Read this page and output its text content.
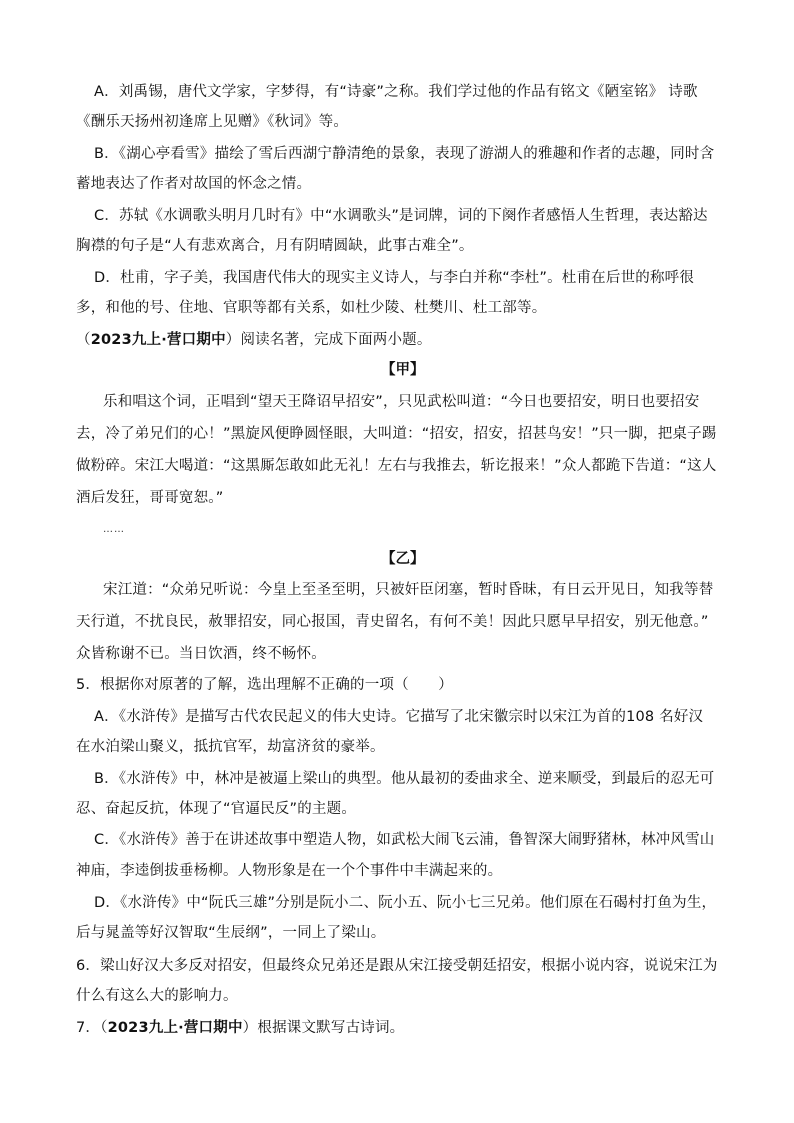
A．刘禹锡，唐代文学家，字梦得，有“诗豪”之称。我们学过他的作品有铭文《陋室铭》 诗歌
《酬乐天扬州初逢席上见赠》《秋词》等。
B．《湖心亭看雪》描绘了雪后西湖宁静清绝的景象，表现了游湖人的雅趣和作者的志趣，同时含
蓄地表达了作者对故国的怀念之情。
C．苏轼《水调歌头明月几时有》中“水调歌头”是词牌，词的下阕作者感悟人生哲理，表达豁达
胸襟的句子是“人有悲欢离合，月有阴晴圆缺，此事古难全”。
D．杜甫，字子美，我国唐代伟大的现实主义诗人，与李白并称“李杜”。杜甫在后世的称呼很
多，和他的号、住地、官职等都有关系，如杜少陵、杜樊川、杜工部等。
（2023九上·营口期中）阅读名著，完成下面两小题。
【甲】
乐和唱这个词，正唱到“望天王降诏早招安”，只见武松叫道：“今日也要招安，明日也要招安
去，冷了弟兄们的心！”黑旋风便睁圆怪眼，大叫道：“招安，招安，招甚鸟安！”只一脚，把桌子踢
做粉碎。宋江大喝道：“这黑厮怎敢如此无礼！左右与我推去，斩讫报来！”众人都跪下告道：“这人
酒后发狂，哥哥宽恕。”
……
【乙】
宋江道：“众弟兄听说：今皇上至圣至明，只被奸臣闭塞，暂时昏昧，有日云开见日，知我等替
天行道，不扰良民，赦罪招安，同心报国，青史留名，有何不美！因此只愿早早招安，别无他意。”
众皆称谢不已。当日饮酒，终不畅怀。
5．根据你对原著的了解，选出理解不正确的一项（　　）
A．《水浒传》是描写古代农民起义的伟大史诗。它描写了北宋徽宗时以宋江为首的108 名好汉
在水泊梁山聚义，抵抗官军，劫富济贫的豪举。
B．《水浒传》中，林冲是被逼上梁山的典型。他从最初的委曲求全、逆来顺受，到最后的忍无可
忍、奋起反抗，体现了“官逼民反”的主题。
C．《水浒传》善于在讲述故事中塑造人物，如武松大闹飞云浦，鲁智深大闹野猪林，林冲风雪山
神庙，李逵倒拔垂杨柳。人物形象是在一个个事件中丰满起来的。
D．《水浒传》中“阮氏三雄”分别是阮小二、阮小五、阮小七三兄弟。他们原在石碣村打鱼为生，
后与晁盖等好汉智取“生辰纲”，一同上了梁山。
6．梁山好汉大多反对招安，但最终众兄弟还是跟从宋江接受朝廷招安，根据小说内容，说说宋江为
什么有这么大的影响力。
7．（2023九上·营口期中）根据课文默写古诗词。
